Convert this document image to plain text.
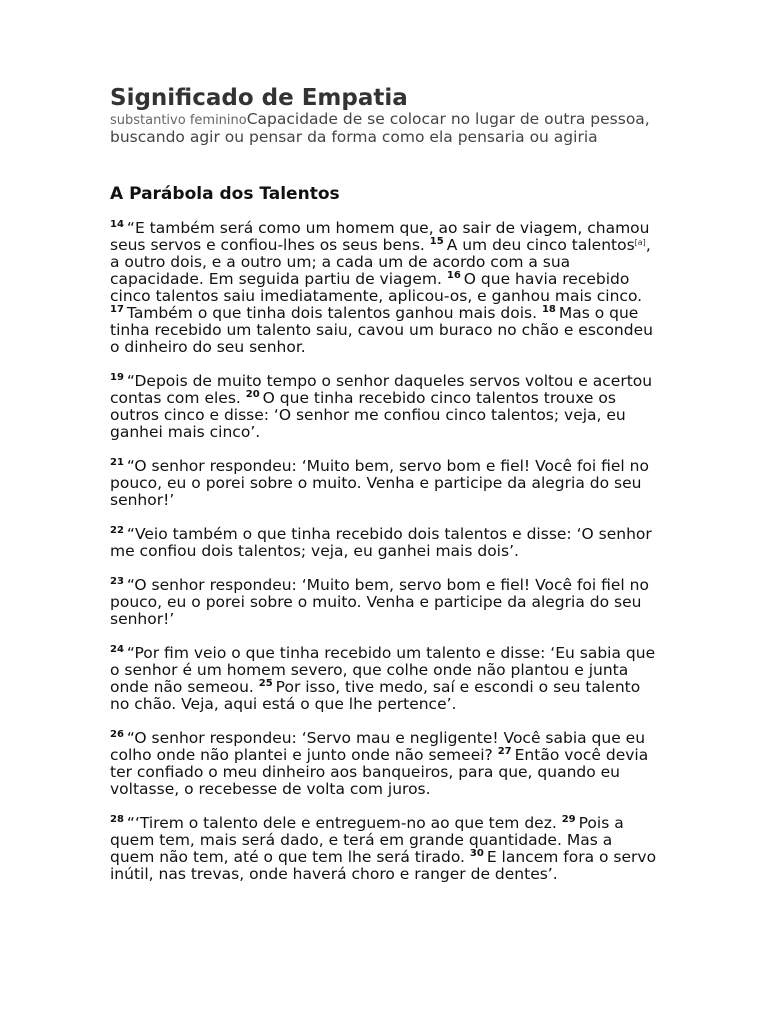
Significado de Empatia
substantivo femininoCapacidade de se colocar no lugar de outra pessoa, buscando agir ou pensar da forma como ela pensaria ou agiria
A Parábola dos Talentos
$^{14}$ “E também será como um homem que, ao sair de viagem, chamou seus servos e confiou-lhes os seus bens. $^{15}$ A um deu cinco talentos[a], a outro dois, e a outro um; a cada um de acordo com a sua capacidade. Em seguida partiu de viagem. $^{16}$ O que havia recebido cinco talentos saiu imediatamente, aplicou-os, e ganhou mais cinco. $^{17}$ Também o que tinha dois talentos ganhou mais dois. $^{18}$ Mas o que tinha recebido um talento saiu, cavou um buraco no chão e escondeu o dinheiro do seu senhor.
$^{19}$ “Depois de muito tempo o senhor daqueles servos voltou e acertou contas com eles. $^{20}$ O que tinha recebido cinco talentos trouxe os outros cinco e disse: ‘O senhor me confiou cinco talentos; veja, eu ganhei mais cinco’.
$^{21}$ “O senhor respondeu: ‘Muito bem, servo bom e fiel! Você foi fiel no pouco, eu o porei sobre o muito. Venha e participe da alegria do seu senhor!’
$^{22}$ “Veio também o que tinha recebido dois talentos e disse: ‘O senhor me confiou dois talentos; veja, eu ganhei mais dois’.
$^{23}$ “O senhor respondeu: ‘Muito bem, servo bom e fiel! Você foi fiel no pouco, eu o porei sobre o muito. Venha e participe da alegria do seu senhor!’
$^{24}$ “Por fim veio o que tinha recebido um talento e disse: ‘Eu sabia que o senhor é um homem severo, que colhe onde não plantou e junta onde não semeou. $^{25}$ Por isso, tive medo, saí e escondi o seu talento no chão. Veja, aqui está o que lhe pertence’.
$^{26}$ “O senhor respondeu: ‘Servo mau e negligente! Você sabia que eu colho onde não plantei e junto onde não semeei? $^{27}$ Então você devia ter confiado o meu dinheiro aos banqueiros, para que, quando eu voltasse, o recebesse de volta com juros.
$^{28}$ “‘Tirem o talento dele e entreguem-no ao que tem dez. $^{29}$ Pois a quem tem, mais será dado, e terá em grande quantidade. Mas a quem não tem, até o que tem lhe será tirado. $^{30}$ E lancem fora o servo inútil, nas trevas, onde haverá choro e ranger de dentes’.
